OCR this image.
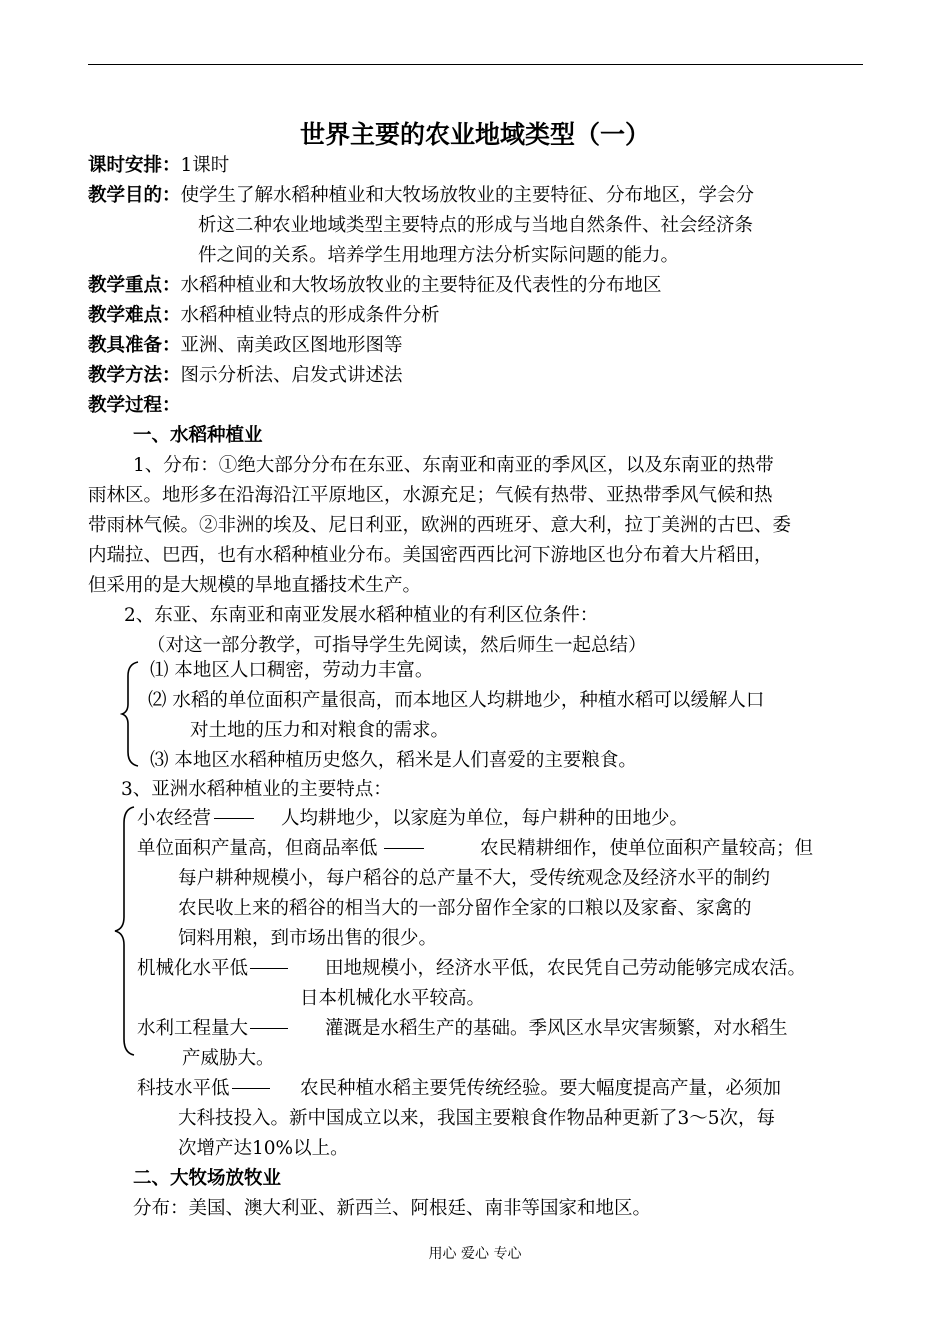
世界主要的农业地域类型（一）
课时安排：1课时
教学目的：使学生了解水稻种植业和大牧场放牧业的主要特征、分布地区，学会分
析这二种农业地域类型主要特点的形成与当地自然条件、社会经济条
件之间的关系。培养学生用地理方法分析实际问题的能力。
教学重点：水稻种植业和大牧场放牧业的主要特征及代表性的分布地区
教学难点：水稻种植业特点的形成条件分析
教具准备：亚洲、南美政区图地形图等
教学方法：图示分析法、启发式讲述法
教学过程：
一、水稻种植业
1、分布：①绝大部分分布在东亚、东南亚和南亚的季风区，以及东南亚的热带
雨林区。地形多在沿海沿江平原地区，水源充足；气候有热带、亚热带季风气候和热
带雨林气候。②非洲的埃及、尼日利亚，欧洲的西班牙、意大利，拉丁美洲的古巴、委
内瑞拉、巴西，也有水稻种植业分布。美国密西西比河下游地区也分布着大片稻田，
但采用的是大规模的旱地直播技术生产。
2、东亚、东南亚和南亚发展水稻种植业的有利区位条件：
（对这一部分教学，可指导学生先阅读，然后师生一起总结）
⑴ 本地区人口稠密，劳动力丰富。
⑵ 水稻的单位面积产量很高，而本地区人均耕地少，种植水稻可以缓解人口
对土地的压力和对粮食的需求。
⑶ 本地区水稻种植历史悠久，稻米是人们喜爱的主要粮食。
3、亚洲水稻种植业的主要特点：
小农经营	人均耕地少，以家庭为单位，每户耕种的田地少。
单位面积产量高，但商品率低	农民精耕细作，使单位面积产量较高；但
每户耕种规模小，每户稻谷的总产量不大，受传统观念及经济水平的制约
农民收上来的稻谷的相当大的一部分留作全家的口粮以及家畜、家禽的
饲料用粮，到市场出售的很少。
机械化水平低	田地规模小，经济水平低，农民凭自己劳动能够完成农活。
日本机械化水平较高。
水利工程量大	灌溉是水稻生产的基础。季风区水旱灾害频繁，对水稻生
产威胁大。
科技水平低	农民种植水稻主要凭传统经验。要大幅度提高产量，必须加
大科技投入。新中国成立以来，我国主要粮食作物品种更新了3～5次，每
次增产达10%以上。
二、大牧场放牧业
分布：美国、澳大利亚、新西兰、阿根廷、南非等国家和地区。
用心 爱心 专心
